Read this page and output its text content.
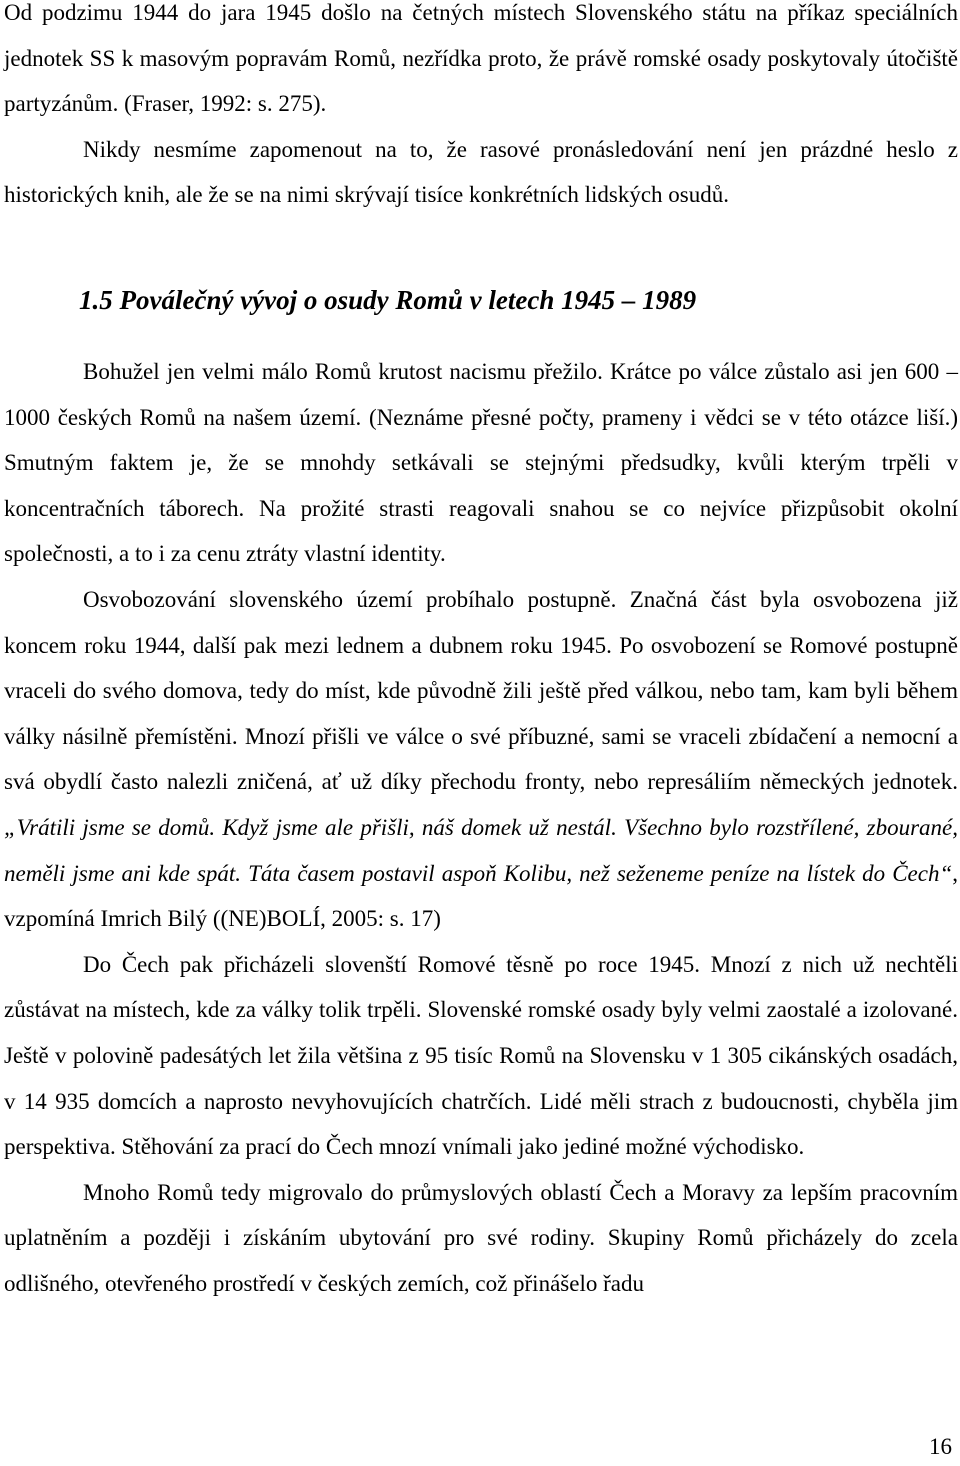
Od podzimu 1944 do jara 1945 došlo na četných místech Slovenského státu na příkaz speciálních jednotek SS k masovým popravám Romů, nezřídka proto, že právě romské osady poskytovaly útočiště partyzánům. (Fraser, 1992: s. 275).
Nikdy nesmíme zapomenout na to, že rasové pronásledování není jen prázdné heslo z historických knih, ale že se na nimi skrývají tisíce konkrétních lidských osudů.

1.5 Poválečný vývoj o osudy Romů v letech 1945 – 1989

Bohužel jen velmi málo Romů krutost nacismu přežilo. Krátce po válce zůstalo asi jen 600 – 1000 českých Romů na našem území. (Neznáme přesné počty, prameny i vědci se v této otázce liší.) Smutným faktem je, že se mnohdy setkávali se stejnými předsudky, kvůli kterým trpěli v koncentračních táborech. Na prožité strasti reagovali snahou se co nejvíce přizpůsobit okolní společnosti, a to i za cenu ztráty vlastní identity.

Osvobozování slovenského území probíhalo postupně. Značná část byla osvobozena již koncem roku 1944, další pak mezi lednem a dubnem roku 1945. Po osvobození se Romové postupně vraceli do svého domova, tedy do míst, kde původně žili ještě před válkou, nebo tam, kam byli během války násilně přemístěni. Mnozí přišli ve válce o své příbuzné, sami se vraceli zbídačení a nemocní a svá obydlí často nalezli zničená, ať už díky přechodu fronty, nebo represáliím německých jednotek. „Vrátili jsme se domů. Když jsme ale přišli, náš domek už nestál. Všechno bylo rozstřílené, zbourané, neměli jsme ani kde spát. Táta časem postavil aspoň Kolibu, než seženeme peníze na lístek do Čech“, vzpomíná Imrich Bilý ((NE)BOLÍ, 2005: s. 17)

Do Čech pak přicházeli slovenští Romové těsně po roce 1945. Mnozí z nich už nechtěli zůstávat na místech, kde za války tolik trpěli. Slovenské romské osady byly velmi zaostalé a izolované. Ještě v polovině padesátých let žila většina z 95 tisíc Romů na Slovensku v 1 305 cikánských osadách, v 14 935 domcích a naprosto nevyhovujících chatrčích. Lidé měli strach z budoucnosti, chyběla jim perspektiva. Stěhování za prací do Čech mnozí vnímali jako jediné možné východisko.

Mnoho Romů tedy migrovalo do průmyslových oblastí Čech a Moravy za lepším pracovním uplatněním a později i získáním ubytování pro své rodiny. Skupiny Romů přicházely do zcela odlišného, otevřeného prostředí v českých zemích, což přinášelo řadu

16
